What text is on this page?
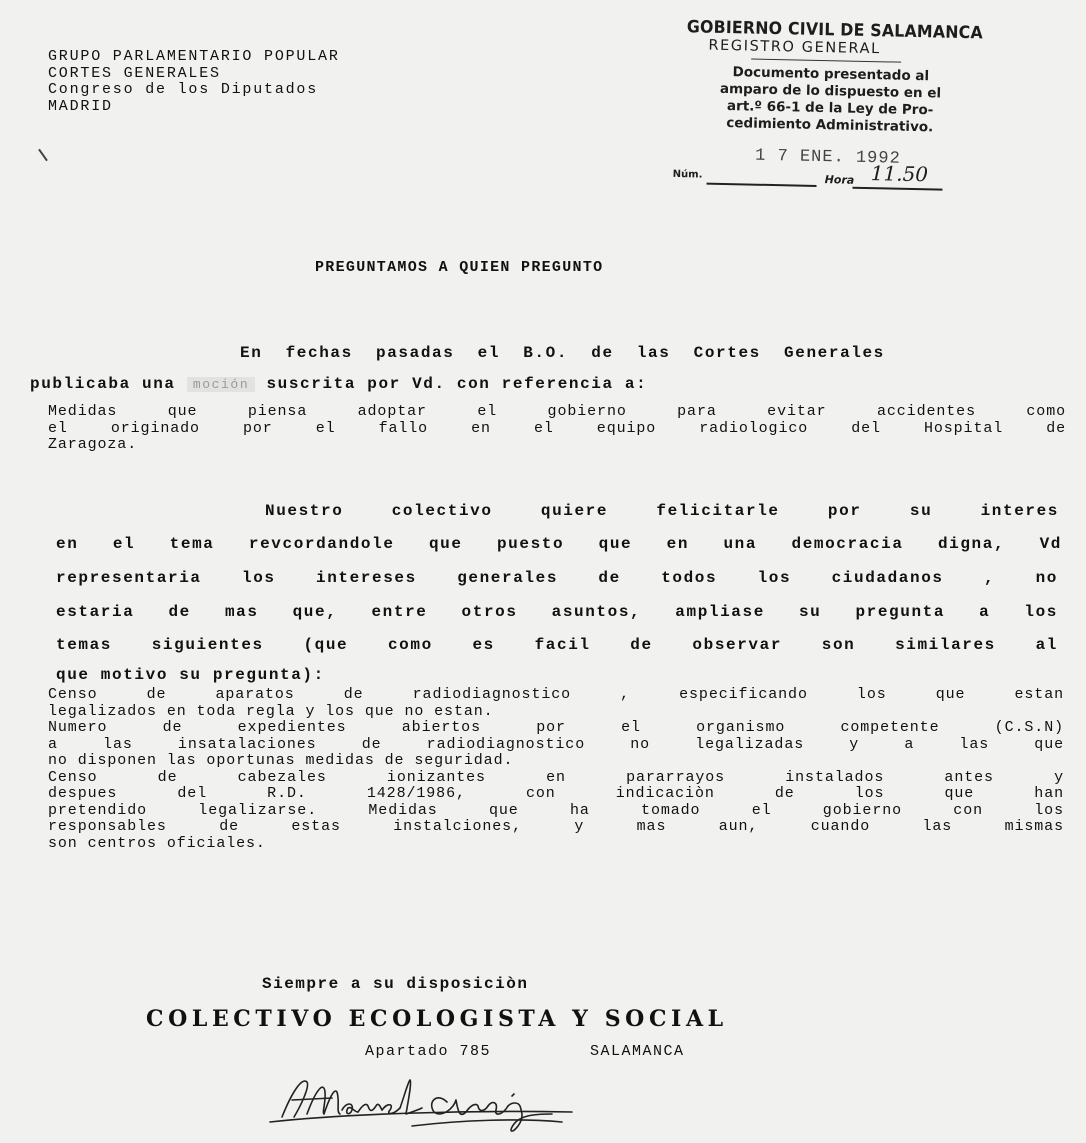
GRUPO PARLAMENTARIO POPULAR
CORTES GENERALES
Congreso de los Diputados
MADRID
GOBIERNO CIVIL DE SALAMANCA
REGISTRO GENERAL
Documento presentado al
amparo de lo dispuesto en el
art.º 66-1 de la Ley de Pro-
cedimiento Administrativo.
1 7 ENE. 1992
Núm.	Hora 11.50
PREGUNTAMOS A QUIEN PREGUNTO
En fechas pasadas el B.O. de las Cortes Generales
publicaba una moción suscrita por Vd. con referencia a:
Medidas que piensa adoptar el gobierno para evitar accidentes como
el originado por el fallo en el equipo radiologico del Hospital de
Zaragoza.
Nuestro colectivo quiere felicitarle por su interes
en el tema revcordandole que puesto que en una democracia digna, Vd
representaria los intereses generales de todos los ciudadanos , no
estaria de mas que, entre otros asuntos, ampliase su pregunta a los
temas siguientes (que como es facil de observar son similares al
que motivo su pregunta):
Censo de aparatos de radiodiagnostico , especificando los que estan
legalizados en toda regla y los que no estan.
Numero de expedientes abiertos por el organismo competente (C.S.N)
a las insatalaciones de radiodiagnostico no legalizadas y a las que
no disponen las oportunas medidas de seguridad.
Censo de cabezales ionizantes en pararrayos instalados antes y
despues del R.D. 1428/1986, con indicaciòn de los que han
pretendido legalizarse. Medidas que ha tomado el gobierno con los
responsables de estas instalciones, y mas aun, cuando las mismas
son centros oficiales.
Siempre a su disposiciòn
COLECTIVO ECOLOGISTA Y SOCIAL
Apartado 785	SALAMANCA
